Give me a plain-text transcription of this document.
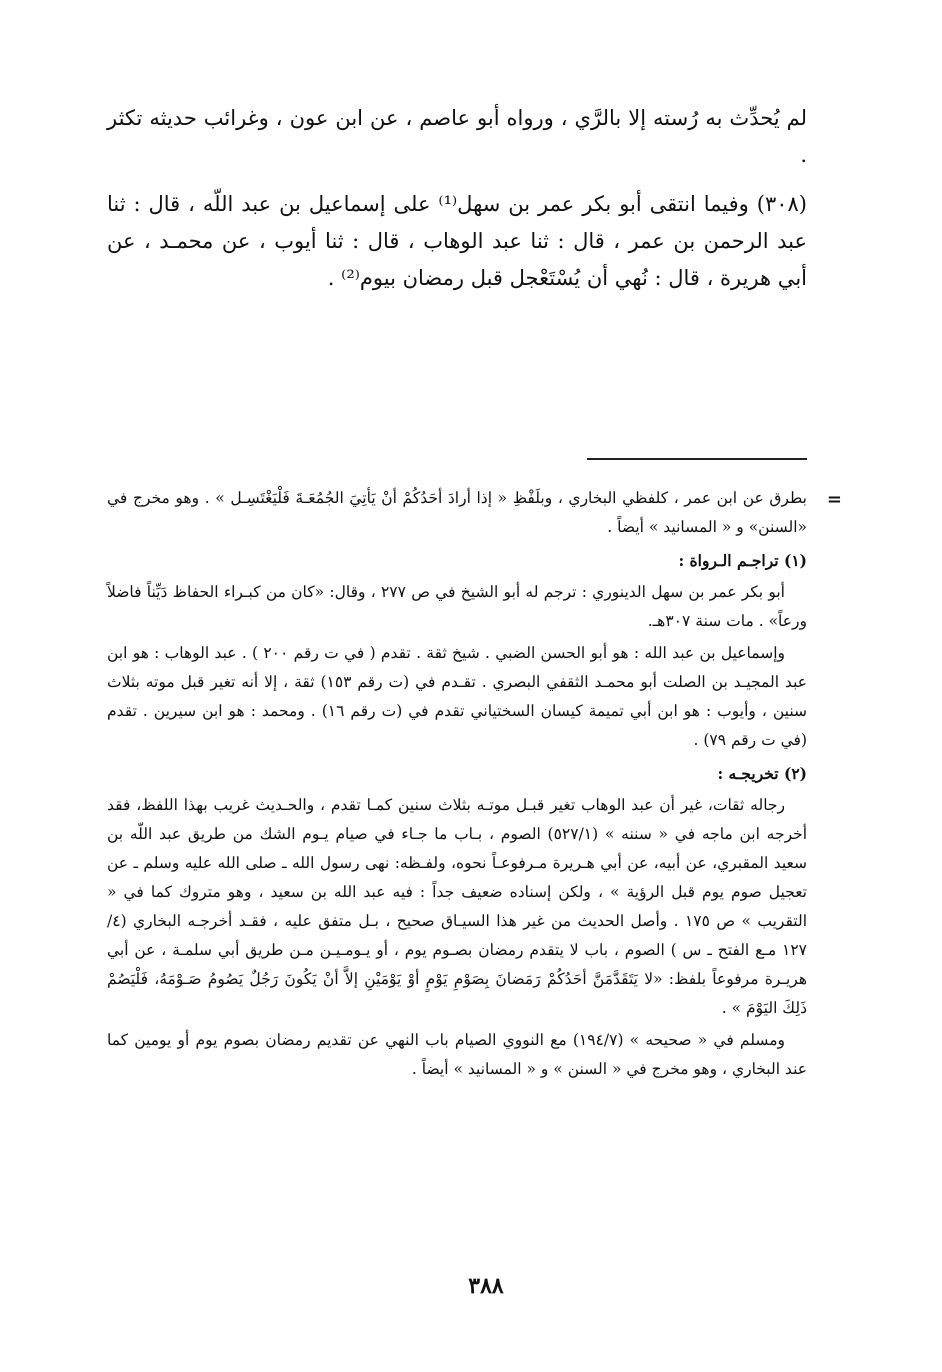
لم يُحدِّث به رُسته إلا بالرَّي ، ورواه أبو عاصم ، عن ابن عون ، وغرائب حديثه تكثر .

(٣٠٨) وفيما انتقى أبو بكر عمر بن سهل⁽¹⁾ على إسماعيل بن عبد اللّه ، قال : ثنا عبد الرحمن بن عمر ، قال : ثنا عبد الوهاب ، قال : ثنا أيوب ، عن محمـد ، عن أبي هريرة ، قال : نُهي أن يُسْتَعْجل قبل رمضان بيوم⁽²⁾ .

=

بطرق عن ابن عمر ، كلفظي البخاري ، وبلَفْظِ « إذا أرادَ أحَدُكُمْ أنْ يَأتِيَ الجُمُعَـةَ فَلْيَغْتَسِـل » . وهو مخرج في «السنن» و « المسانيد » أيضاً .

(١) تراجـم الـرواة :

أبو بكر عمر بن سهل الدينوري : ترجم له أبو الشيخ في ص ٢٧٧ ، وقال: «كان من كبـراء الحفاظ دَيِّناً فاضلاً ورعاً» . مات سنة ٣٠٧هـ.

وإسماعيل بن عبد الله : هو أبو الحسن الضبي . شيخ ثقة . تقدم ( في ت رقم ٢٠٠ ) . عبد الوهاب : هو ابن عبد المجيـد بن الصلت أبو محمـد الثقفي البصري . تقـدم في (ت رقم ١٥٣) ثقة ، إلا أنه تغير قبل موته بثلاث سنين ، وأيوب : هو ابن أبي تميمة كيسان السختياني تقدم في (ت رقم ١٦) . ومحمد : هو ابن سيرين . تقدم (في ت رقم ٧٩) .

(٢) تخريجـه :

رجاله ثقات، غير أن عبد الوهاب تغير قبـل موتـه بثلاث سنين كمـا تقدم ، والحـديث غريب بهذا اللفظ، فقد أخرجه ابن ماجه في « سننه » (٥٢٧/١) الصوم ، بـاب ما جـاء في صيام يـوم الشك من طريق عبد اللّه بن سعيد المقبري، عن أبيه، عن أبي هـريرة مـرفوعـاً نحوه، ولفـظه: نهى رسول الله ـ صلى الله عليه وسلم ـ عن تعجيل صوم يوم قبل الرؤية » ، ولكن إسناده ضعيف جداً : فيه عبد الله بن سعيد ، وهو متروك كما في « التقريب » ص ١٧٥ . وأصل الحديث من غير هذا السيـاق صحيح ، بـل متفق عليه ، فقـد أخرجـه البخاري (٤/ ١٢٧ مـع الفتح ـ س ) الصوم ، باب لا يتقدم رمضان بصـوم يوم ، أو يـومـيـن مـن طريق أبي سلمـة ، عن أبي هريـرة مرفوعاً بلفظ: «لا يَتَقَدَّمَنَّ أحَدُكُمْ رَمَضانَ بِصَوْمِ يَوْمٍ أوْ يَوْمَيْنِ إلاَّ أنْ يَكُونَ رَجُلٌ يَصُومُ صَـوْمَهُ، فَلْيَصُمْ ذَلِكَ اليَوْمَ » .

ومسلم في « صحيحه » (١٩٤/٧) مع النووي الصيام باب النهي عن تقديم رمضان بصوم يوم أو يومين كما عند البخاري ، وهو مخرج في « السنن » و « المسانيد » أيضاً .

٣٨٨
